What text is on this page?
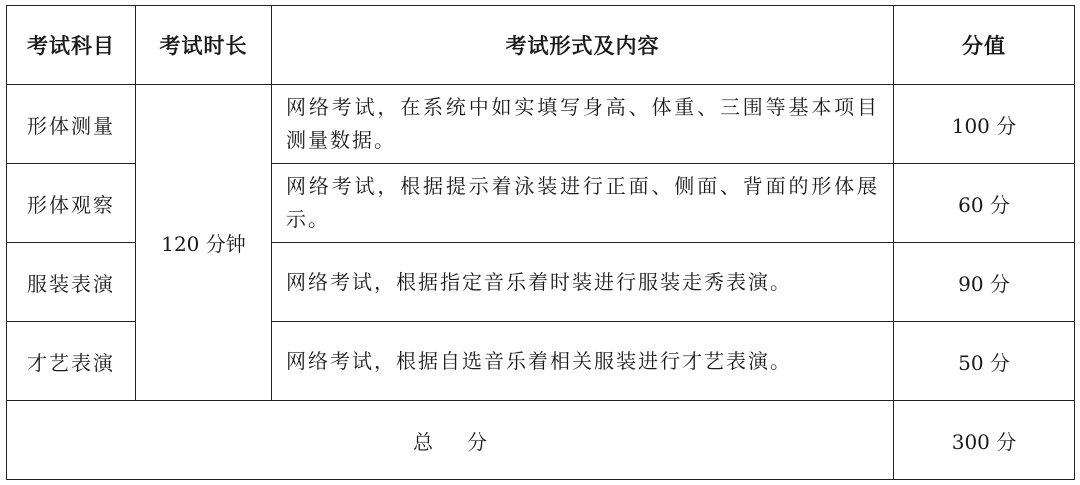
考试科目	考试时长	考试形式及内容	分值
形体测量	120 分钟	网络考试，在系统中如实填写身高、体重、三围等基本项目测量数据。	100 分
形体观察		网络考试，根据提示着泳装进行正面、侧面、背面的形体展示。	60 分
服装表演		网络考试，根据指定音乐着时装进行服装走秀表演。	90 分
才艺表演		网络考试，根据自选音乐着相关服装进行才艺表演。	50 分
总 分			300 分
